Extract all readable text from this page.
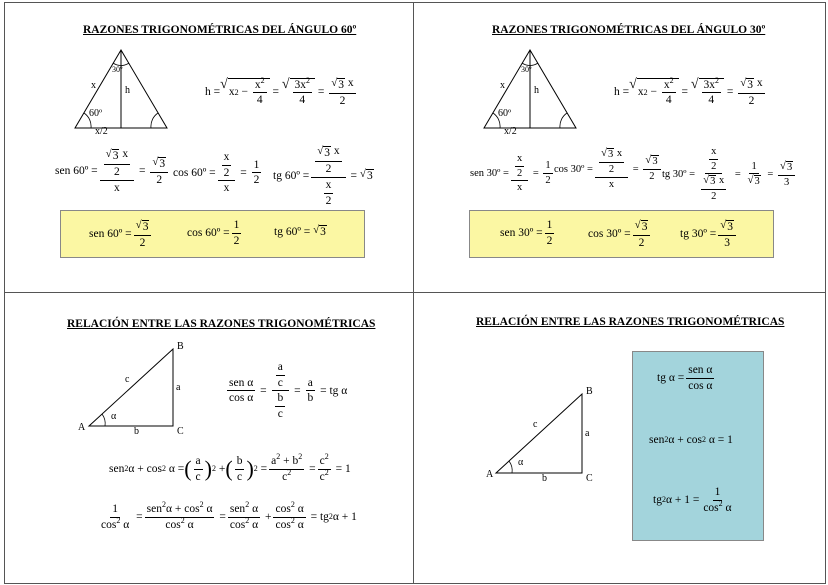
RAZONES TRIGONOMÉTRICAS DEL ÁNGULO 60º
30º
x	h
60º
x/2
h =
√
x $2 - \frac{x^2}{4}$ =
√ $\frac{3x^2}{4} = \frac{√ 3 x}{2}$
sen 60º = $\frac{\frac{√ 3 x}{2}}{x} = \frac{√ 3}{2}$ cos 60º = $\frac{\frac{x}{2}}{x} = \frac{1}{2}$ tg 60º = $\frac{\frac{√ 3 x}{2}}{\frac{x}{2}}$ = √ 3
sen 60º = $\frac{√ 3}{2}$	cos 60º = $\frac{1}{2}$	tg 60º =
√ 3
RAZONES TRIGONOMÉTRICAS DEL ÁNGULO 30º
30º
x	h
60º
x/2
h =
√
x $2 - \frac{x^2}{4}$ =
√ $\frac{3x^2}{4} = \frac{√ 3 x}{2}$
sen 30º = $\frac{\frac{x}{2}}{x} = \frac{1}{2}$ cos 30º = $\frac{\frac{√ 3 x}{2}}{x} = \frac{√ 3}{2}$ tg 30º = $\frac{\frac{x}{2}}{\frac{√ 3 x}{2}} = \frac{1}{√ 3} = \frac{√ 3}{3}$
sen 30º = $\frac{1}{2}$	cos 30º = $\frac{√ 3}{2}$	tg 30º = $\frac{√ 3}{3}$
RELACIÓN ENTRE LAS RAZONES TRIGONOMÉTRICAS
A
B
C
a
b
c
α
$\frac{\text{sen α}}{\text{cos α}} = \frac{\frac{a}{c}}{\frac{b}{c}} = \frac{a}{b}$ = tg α
sen 2 α + cos 2
α = ( $\frac{a}{c}$ ) 2 + ( $\frac{b}{c}$ ) $2 = \frac{a^2 + b^2}{c^2} = \frac{c^2}{c^2} = 1$
$\frac{1}{\cos^2 \alpha} = \frac{sen^2\alpha + \cos^2 \alpha}{\cos^2 \alpha} = \frac{sen^2 \alpha}{\cos^2 \alpha} + \frac{\cos^2 \alpha}{\cos^2 \alpha}$ = tg 2 α + 1
RELACIÓN ENTRE LAS RAZONES TRIGONOMÉTRICAS
A
B
C
a
b
c
α
tg $\alpha = \frac{\text{sen α}}{\text{cos α}}$
sen 2 α + cos 2
α = 1
tg 2 $\alpha + 1 = \frac{1}{\cos^2 \alpha}$
